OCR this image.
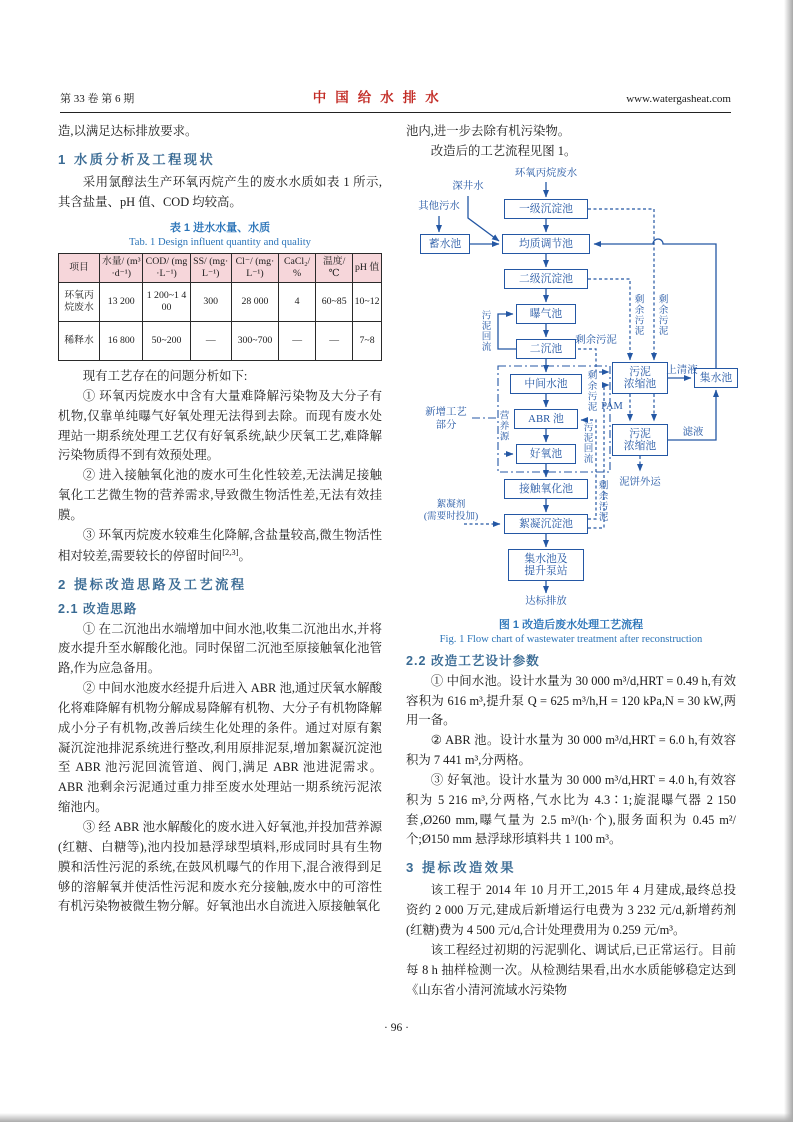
第 33 卷 第 6 期	中国给水排水	www.watergasheat.com

造,以满足达标排放要求。

1 水质分析及工程现状

采用氯醇法生产环氧丙烷产生的废水水质如表 1 所示,其含盐量、pH 值、COD 均较高。

表 1 进水水量、水质
Tab. 1 Design influent quantity and quality
项目	水量/ (m³·d⁻¹)	COD/ (mg·L⁻¹)	SS/ (mg·L⁻¹)	Cl⁻/ (mg·L⁻¹)	CaCl₂/ %	温度/ ℃	pH 值
环氧丙烷废水	13 200	1 200~1 400	300	28 000	4	60~85	10~12
稀释水	16 800	50~200	—	300~700	—	—	7~8

现有工艺存在的问题分析如下:

① 环氧丙烷废水中含有大量难降解污染物及大分子有机物,仅靠单纯曝气好氧处理无法得到去除。而现有废水处理站一期系统处理工艺仅有好氧系统,缺少厌氧工艺,难降解污染物质得不到有效预处理。

② 进入接触氧化池的废水可生化性较差,无法满足接触氧化工艺微生物的营养需求,导致微生物活性差,无法有效挂膜。

③ 环氧丙烷废水较难生化降解,含盐量较高,微生物活性相对较差,需要较长的停留时间[2,3]。

2 提标改造思路及工艺流程
2.1 改造思路

① 在二沉池出水端增加中间水池,收集二沉池出水,并将废水提升至水解酸化池。同时保留二沉池至原接触氧化池管路,作为应急备用。

② 中间水池废水经提升后进入 ABR 池,通过厌氧水解酸化将难降解有机物分解成易降解有机物、大分子有机物降解成小分子有机物,改善后续生化处理的条件。通过对原有絮凝沉淀池排泥系统进行整改,利用原排泥泵,增加絮凝沉淀池至 ABR 池污泥回流管道、阀门,满足 ABR 池进泥需求。ABR 池剩余污泥通过重力排至废水处理站一期系统污泥浓缩池内。

③ 经 ABR 池水解酸化的废水进入好氧池,并投加营养源(红糖、白糖等),池内投加悬浮球型填料,形成同时具有生物膜和活性污泥的系统,在鼓风机曝气的作用下,混合液得到足够的溶解氧并使活性污泥和废水充分接触,废水中的可溶性有机污染物被微生物分解。好氧池出水自流进入原接触氧化

池内,进一步去除有机污染物。

改造后的工艺流程见图 1。

蓄水池
一级沉淀池
均质调节池
二级沉淀池
曝气池
二沉池
中间水池
ABR 池
好氧池
接触氧化池
絮凝沉淀池
集水池及
提升泵站
污泥
浓缩池
污泥
浓缩池
集水池
环氧丙烷废水
深井水
其他污水
剩余污泥
上清液
PAM
滤液
泥饼外运
达标排放
新增工艺
部分
絮凝剂
(需要时投加)
污泥回流	剩余污泥 剩余污泥
剩余污泥
污泥回流
剩余污泥
营养源
图 1 改造后废水处理工艺流程
Fig. 1 Flow chart of wastewater treatment after reconstruction
2.2 改造工艺设计参数

① 中间水池。设计水量为 30 000 m³/d,HRT = 0.49 h,有效容积为 616 m³,提升泵 Q = 625 m³/h,H = 120 kPa,N = 30 kW,两用一备。

② ABR 池。设计水量为 30 000 m³/d,HRT = 6.0 h,有效容积为 7 441 m³,分两格。

③ 好氧池。设计水量为 30 000 m³/d,HRT = 4.0 h,有效容积为 5 216 m³,分两格,气水比为 4.3∶1;旋混曝气器 2 150 套,Ø260 mm,曝气量为 2.5 m³/(h·个),服务面积为 0.45 m²/个;Ø150 mm 悬浮球形填料共 1 100 m³。

3 提标改造效果

该工程于 2014 年 10 月开工,2015 年 4 月建成,最终总投资约 2 000 万元,建成后新增运行电费为 3 232 元/d,新增药剂(红糖)费为 4 500 元/d,合计处理费用为 0.259 元/m³。

该工程经过初期的污泥驯化、调试后,已正常运行。目前每 8 h 抽样检测一次。从检测结果看,出水水质能够稳定达到《山东省小清河流域水污染物

· 96 ·
